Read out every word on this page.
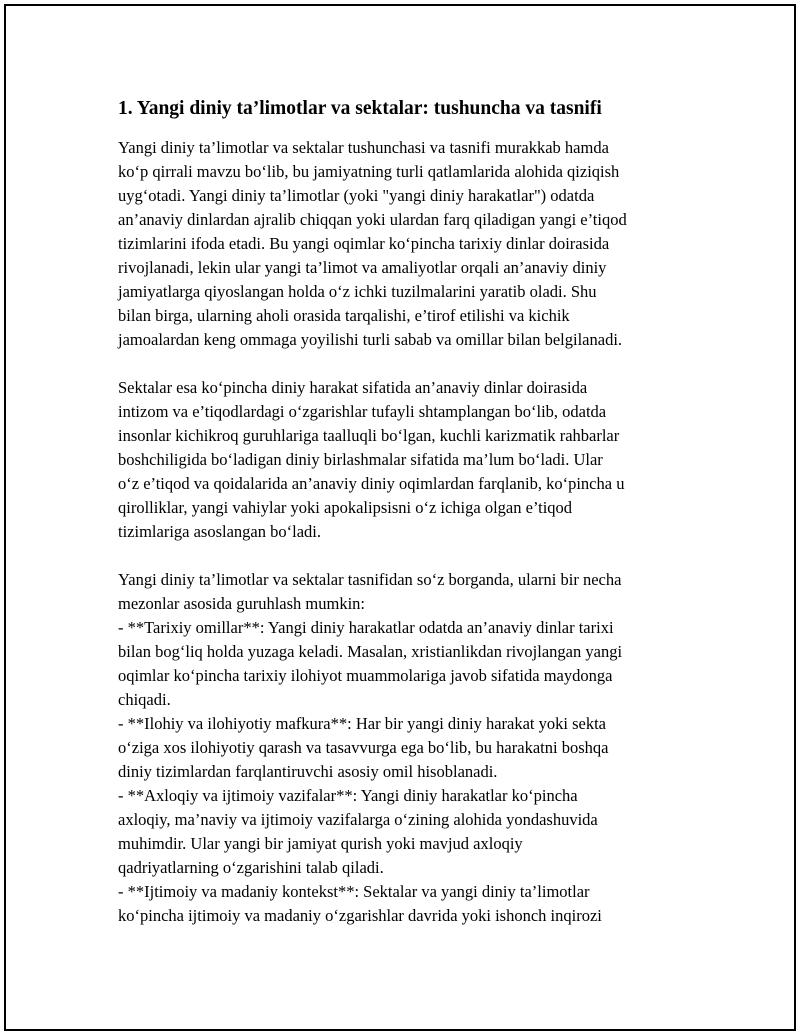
1. Yangi diniy ta’limotlar va sektalar: tushuncha va tasnifi

Yangi diniy ta’limotlar va sektalar tushunchasi va tasnifi murakkab hamda
ko‘p qirrali mavzu bo‘lib, bu jamiyatning turli qatlamlarida alohida qiziqish
uyg‘otadi. Yangi diniy ta’limotlar (yoki "yangi diniy harakatlar") odatda
an’anaviy dinlardan ajralib chiqqan yoki ulardan farq qiladigan yangi e’tiqod
tizimlarini ifoda etadi. Bu yangi oqimlar ko‘pincha tarixiy dinlar doirasida
rivojlanadi, lekin ular yangi ta’limot va amaliyotlar orqali an’anaviy diniy
jamiyatlarga qiyoslangan holda o‘z ichki tuzilmalarini yaratib oladi. Shu
bilan birga, ularning aholi orasida tarqalishi, e’tirof etilishi va kichik
jamoalardan keng ommaga yoyilishi turli sabab va omillar bilan belgilanadi.

Sektalar esa ko‘pincha diniy harakat sifatida an’anaviy dinlar doirasida
intizom va e’tiqodlardagi o‘zgarishlar tufayli shtamplangan bo‘lib, odatda
insonlar kichikroq guruhlariga taalluqli bo‘lgan, kuchli karizmatik rahbarlar
boshchiligida bo‘ladigan diniy birlashmalar sifatida ma’lum bo‘ladi. Ular
o‘z e’tiqod va qoidalarida an’anaviy diniy oqimlardan farqlanib, ko‘pincha u
qirolliklar, yangi vahiylar yoki apokalipsisni o‘z ichiga olgan e’tiqod
tizimlariga asoslangan bo‘ladi.

Yangi diniy ta’limotlar va sektalar tasnifidan so‘z borganda, ularni bir necha
mezonlar asosida guruhlash mumkin:
- **Tarixiy omillar**: Yangi diniy harakatlar odatda an’anaviy dinlar tarixi
bilan bog‘liq holda yuzaga keladi. Masalan, xristianlikdan rivojlangan yangi
oqimlar ko‘pincha tarixiy ilohiyot muammolariga javob sifatida maydonga
chiqadi.
- **Ilohiy va ilohiyotiy mafkura**: Har bir yangi diniy harakat yoki sekta
o‘ziga xos ilohiyotiy qarash va tasavvurga ega bo‘lib, bu harakatni boshqa
diniy tizimlardan farqlantiruvchi asosiy omil hisoblanadi.
- **Axloqiy va ijtimoiy vazifalar**: Yangi diniy harakatlar ko‘pincha
axloqiy, ma’naviy va ijtimoiy vazifalarga o‘zining alohida yondashuvida
muhimdir. Ular yangi bir jamiyat qurish yoki mavjud axloqiy
qadriyatlarning o‘zgarishini talab qiladi.
- **Ijtimoiy va madaniy kontekst**: Sektalar va yangi diniy ta’limotlar
ko‘pincha ijtimoiy va madaniy o‘zgarishlar davrida yoki ishonch inqirozi
